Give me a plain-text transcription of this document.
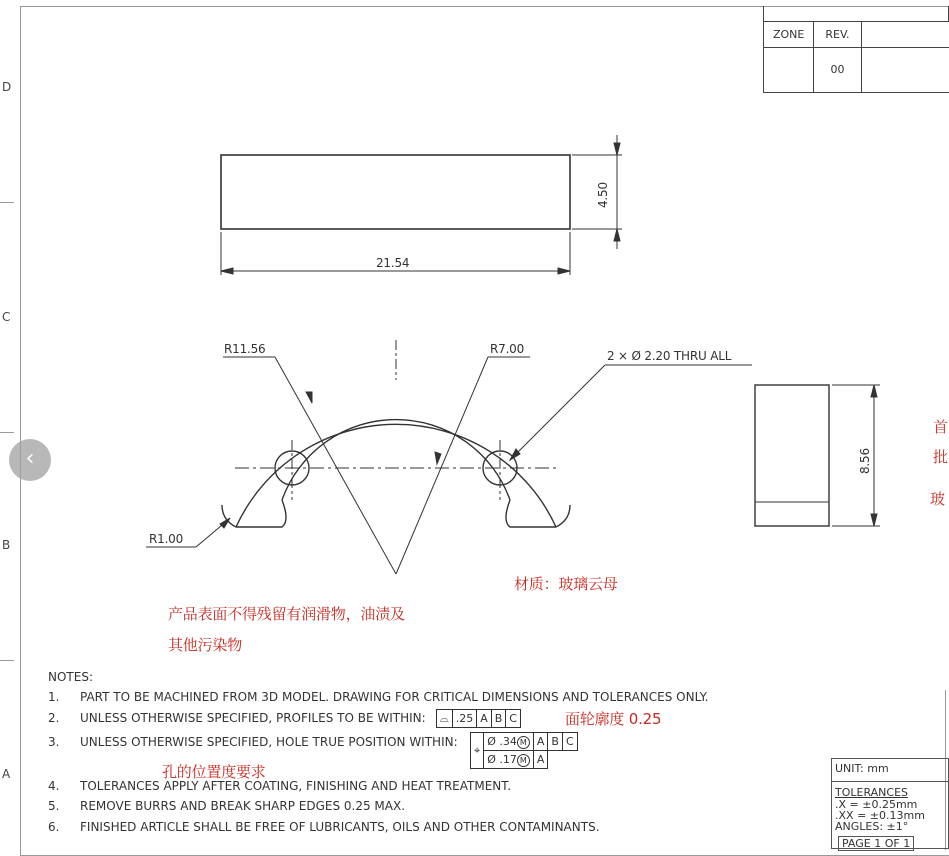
D
C
B
A

ZONE	REV.	
	00	
21.54
4.50
R11.56	R7.00	2 × Ø 2.20 THRU ALL
R1.00
8.56
材质：玻璃云母
产品表面不得残留有润滑物，油渍及
其他污染物
首
批
玻
NOTES:
1. PART TO BE MACHINED FROM 3D MODEL. DRAWING FOR CRITICAL DIMENSIONS AND TOLERANCES ONLY.
2. UNLESS OTHERWISE SPECIFIED, PROFILES TO BE WITHIN: ⌓	.25	A	B	C	面轮廓度 0.25
3. UNLESS OTHERWISE SPECIFIED, HOLE TRUE POSITION WITHIN:
⌖	Ø .34 M	A	B	C
	Ø .17 M	A		
孔的位置度要求
4. TOLERANCES APPLY AFTER COATING, FINISHING AND HEAT TREATMENT.
5. REMOVE BURRS AND BREAK SHARP EDGES 0.25 MAX.
6. FINISHED ARTICLE SHALL BE FREE OF LUBRICANTS, OILS AND OTHER CONTAMINANTS.
UNIT: mm
TOLERANCES
.X = ±0.25mm
.XX = ±0.13mm
ANGLES: ±1°
PAGE 1 OF 1
‹
